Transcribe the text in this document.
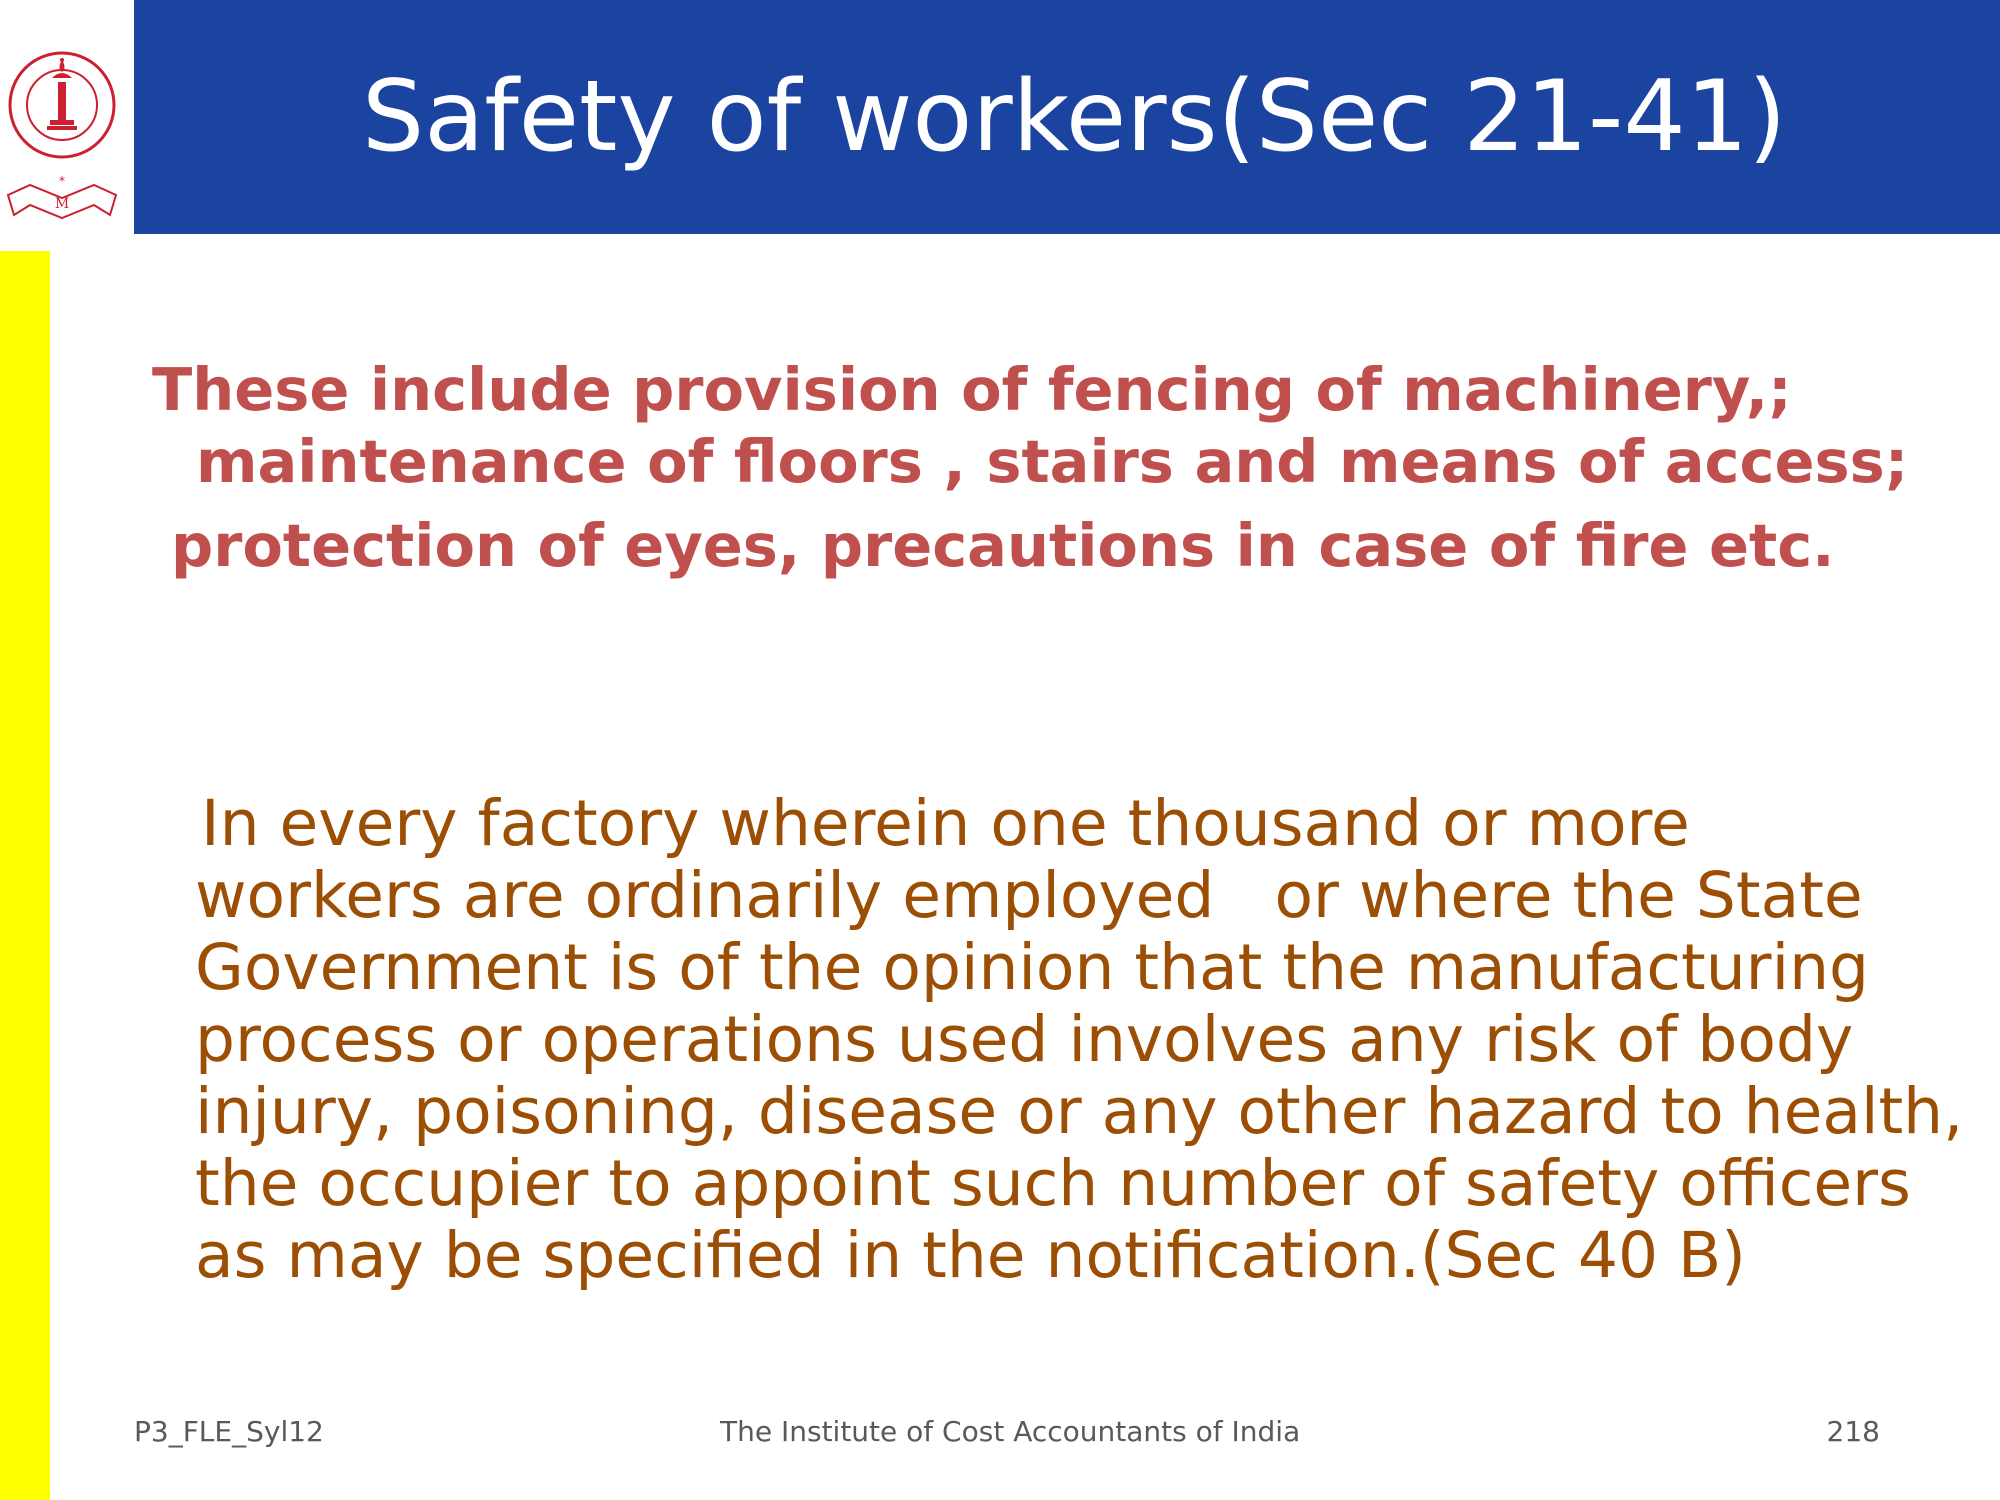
M
*
Safety of workers(Sec 21-41)
These include provision of fencing of machinery,;
maintenance of floors , stairs and means of access;
protection of eyes, precautions in case of fire etc.
In every factory wherein one thousand or more
workers are ordinarily employed   or where the State
Government is of the opinion that the manufacturing
process or operations used involves any risk of body
injury, poisoning, disease or any other hazard to health,
the occupier to appoint such number of safety officers
as may be specified in the notification.(Sec 40 B)
P3_FLE_Syl12	The Institute of Cost Accountants of India	218
